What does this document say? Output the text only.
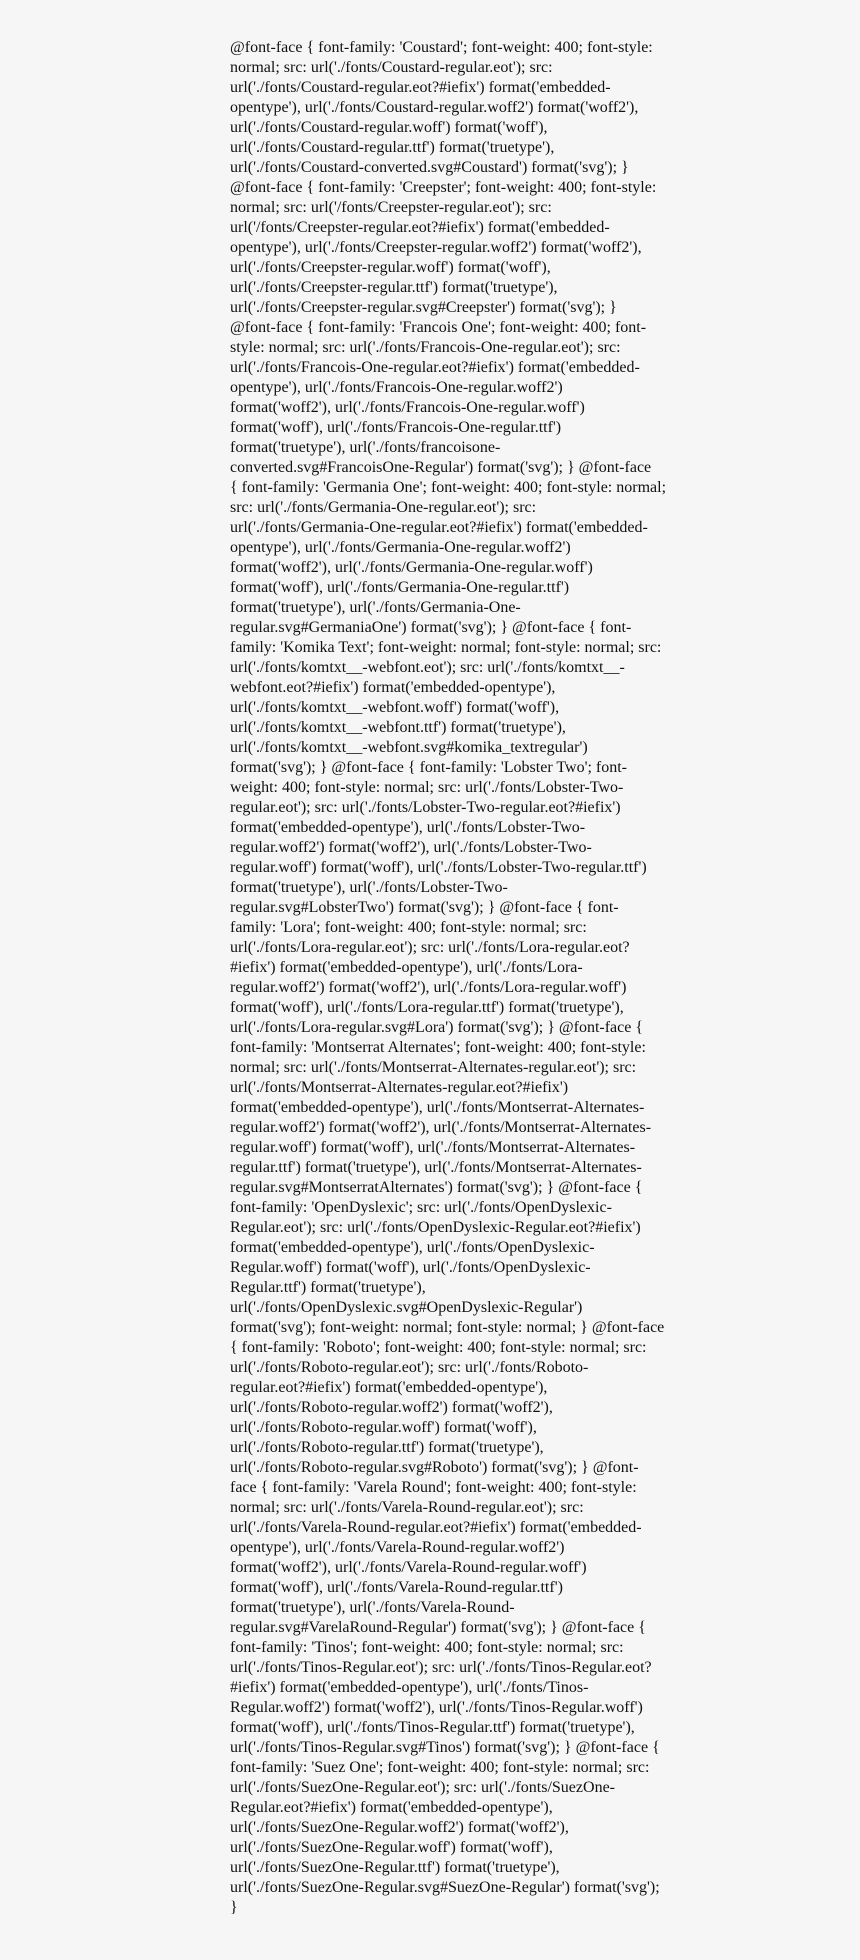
@font-face { font-family: 'Coustard'; font-weight: 400; font-style:
normal; src: url('./fonts/Coustard-regular.eot'); src:
url('./fonts/Coustard-regular.eot?#iefix') format('embedded-
opentype'), url('./fonts/Coustard-regular.woff2') format('woff2'),
url('./fonts/Coustard-regular.woff') format('woff'),
url('./fonts/Coustard-regular.ttf') format('truetype'),
url('./fonts/Coustard-converted.svg#Coustard') format('svg'); }
@font-face { font-family: 'Creepster'; font-weight: 400; font-style:
normal; src: url('/fonts/Creepster-regular.eot'); src:
url('/fonts/Creepster-regular.eot?#iefix') format('embedded-
opentype'), url('./fonts/Creepster-regular.woff2') format('woff2'),
url('./fonts/Creepster-regular.woff') format('woff'),
url('./fonts/Creepster-regular.ttf') format('truetype'),
url('./fonts/Creepster-regular.svg#Creepster') format('svg'); }
@font-face { font-family: 'Francois One'; font-weight: 400; font-
style: normal; src: url('./fonts/Francois-One-regular.eot'); src:
url('./fonts/Francois-One-regular.eot?#iefix') format('embedded-
opentype'), url('./fonts/Francois-One-regular.woff2')
format('woff2'), url('./fonts/Francois-One-regular.woff')
format('woff'), url('./fonts/Francois-One-regular.ttf')
format('truetype'), url('./fonts/francoisone-
converted.svg#FrancoisOne-Regular') format('svg'); } @font-face
{ font-family: 'Germania One'; font-weight: 400; font-style: normal;
src: url('./fonts/Germania-One-regular.eot'); src:
url('./fonts/Germania-One-regular.eot?#iefix') format('embedded-
opentype'), url('./fonts/Germania-One-regular.woff2')
format('woff2'), url('./fonts/Germania-One-regular.woff')
format('woff'), url('./fonts/Germania-One-regular.ttf')
format('truetype'), url('./fonts/Germania-One-
regular.svg#GermaniaOne') format('svg'); } @font-face { font-
family: 'Komika Text'; font-weight: normal; font-style: normal; src:
url('./fonts/komtxt__-webfont.eot'); src: url('./fonts/komtxt__-
webfont.eot?#iefix') format('embedded-opentype'),
url('./fonts/komtxt__-webfont.woff') format('woff'),
url('./fonts/komtxt__-webfont.ttf') format('truetype'),
url('./fonts/komtxt__-webfont.svg#komika_textregular')
format('svg'); } @font-face { font-family: 'Lobster Two'; font-
weight: 400; font-style: normal; src: url('./fonts/Lobster-Two-
regular.eot'); src: url('./fonts/Lobster-Two-regular.eot?#iefix')
format('embedded-opentype'), url('./fonts/Lobster-Two-
regular.woff2') format('woff2'), url('./fonts/Lobster-Two-
regular.woff') format('woff'), url('./fonts/Lobster-Two-regular.ttf')
format('truetype'), url('./fonts/Lobster-Two-
regular.svg#LobsterTwo') format('svg'); } @font-face { font-
family: 'Lora'; font-weight: 400; font-style: normal; src:
url('./fonts/Lora-regular.eot'); src: url('./fonts/Lora-regular.eot?
#iefix') format('embedded-opentype'), url('./fonts/Lora-
regular.woff2') format('woff2'), url('./fonts/Lora-regular.woff')
format('woff'), url('./fonts/Lora-regular.ttf') format('truetype'),
url('./fonts/Lora-regular.svg#Lora') format('svg'); } @font-face {
font-family: 'Montserrat Alternates'; font-weight: 400; font-style:
normal; src: url('./fonts/Montserrat-Alternates-regular.eot'); src:
url('./fonts/Montserrat-Alternates-regular.eot?#iefix')
format('embedded-opentype'), url('./fonts/Montserrat-Alternates-
regular.woff2') format('woff2'), url('./fonts/Montserrat-Alternates-
regular.woff') format('woff'), url('./fonts/Montserrat-Alternates-
regular.ttf') format('truetype'), url('./fonts/Montserrat-Alternates-
regular.svg#MontserratAlternates') format('svg'); } @font-face {
font-family: 'OpenDyslexic'; src: url('./fonts/OpenDyslexic-
Regular.eot'); src: url('./fonts/OpenDyslexic-Regular.eot?#iefix')
format('embedded-opentype'), url('./fonts/OpenDyslexic-
Regular.woff') format('woff'), url('./fonts/OpenDyslexic-
Regular.ttf') format('truetype'),
url('./fonts/OpenDyslexic.svg#OpenDyslexic-Regular')
format('svg'); font-weight: normal; font-style: normal; } @font-face
{ font-family: 'Roboto'; font-weight: 400; font-style: normal; src:
url('./fonts/Roboto-regular.eot'); src: url('./fonts/Roboto-
regular.eot?#iefix') format('embedded-opentype'),
url('./fonts/Roboto-regular.woff2') format('woff2'),
url('./fonts/Roboto-regular.woff') format('woff'),
url('./fonts/Roboto-regular.ttf') format('truetype'),
url('./fonts/Roboto-regular.svg#Roboto') format('svg'); } @font-
face { font-family: 'Varela Round'; font-weight: 400; font-style:
normal; src: url('./fonts/Varela-Round-regular.eot'); src:
url('./fonts/Varela-Round-regular.eot?#iefix') format('embedded-
opentype'), url('./fonts/Varela-Round-regular.woff2')
format('woff2'), url('./fonts/Varela-Round-regular.woff')
format('woff'), url('./fonts/Varela-Round-regular.ttf')
format('truetype'), url('./fonts/Varela-Round-
regular.svg#VarelaRound-Regular') format('svg'); } @font-face {
font-family: 'Tinos'; font-weight: 400; font-style: normal; src:
url('./fonts/Tinos-Regular.eot'); src: url('./fonts/Tinos-Regular.eot?
#iefix') format('embedded-opentype'), url('./fonts/Tinos-
Regular.woff2') format('woff2'), url('./fonts/Tinos-Regular.woff')
format('woff'), url('./fonts/Tinos-Regular.ttf') format('truetype'),
url('./fonts/Tinos-Regular.svg#Tinos') format('svg'); } @font-face {
font-family: 'Suez One'; font-weight: 400; font-style: normal; src:
url('./fonts/SuezOne-Regular.eot'); src: url('./fonts/SuezOne-
Regular.eot?#iefix') format('embedded-opentype'),
url('./fonts/SuezOne-Regular.woff2') format('woff2'),
url('./fonts/SuezOne-Regular.woff') format('woff'),
url('./fonts/SuezOne-Regular.ttf') format('truetype'),
url('./fonts/SuezOne-Regular.svg#SuezOne-Regular') format('svg');
}
